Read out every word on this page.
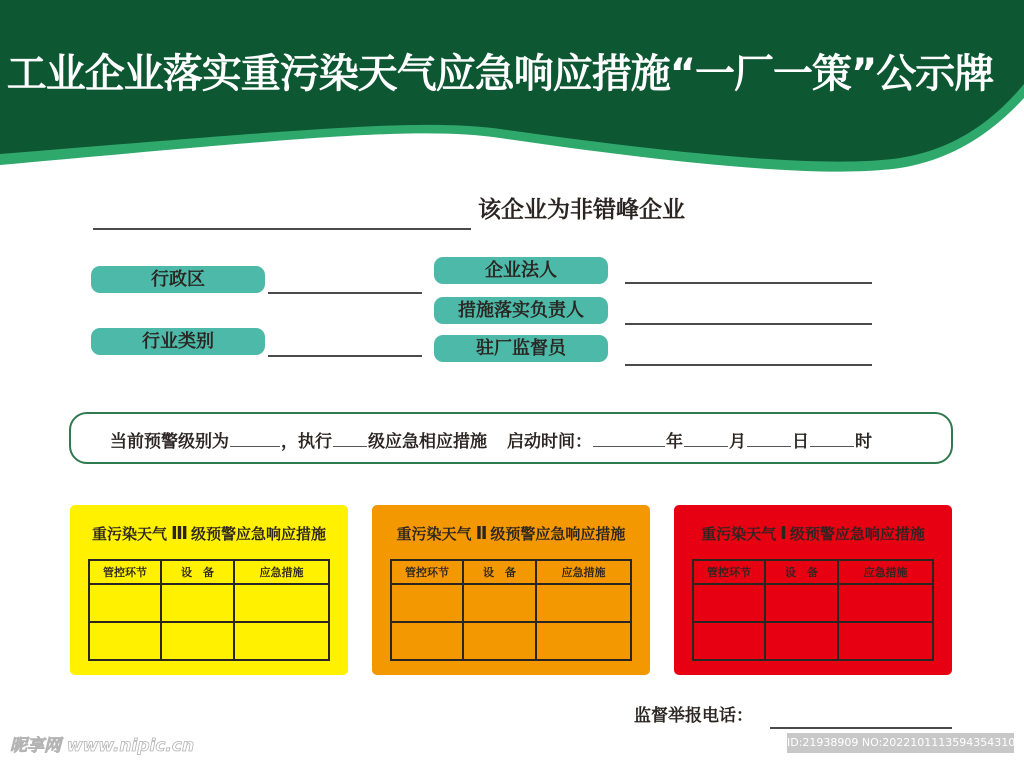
工业企业落实重污染天气应急响应措施“一厂一策”公示牌
该企业为非错峰企业
行政区
行业类别
企业法人
措施落实负责人
驻厂监督员
当前预警级别为	，执行 级应急相应措施 启动时间：	年	月	日	时
重污染天气 Ⅲ 级预警应急响应措施
管控环节	设　备	应急措施

重污染天气 Ⅱ 级预警应急响应措施
管控环节	设　备	应急措施

重污染天气 Ⅰ 级预警应急响应措施
管控环节	设　备	应急措施

监督举报电话：
昵享网 www.nipic.cn	ID:21938909 NO:20221011135943543109
